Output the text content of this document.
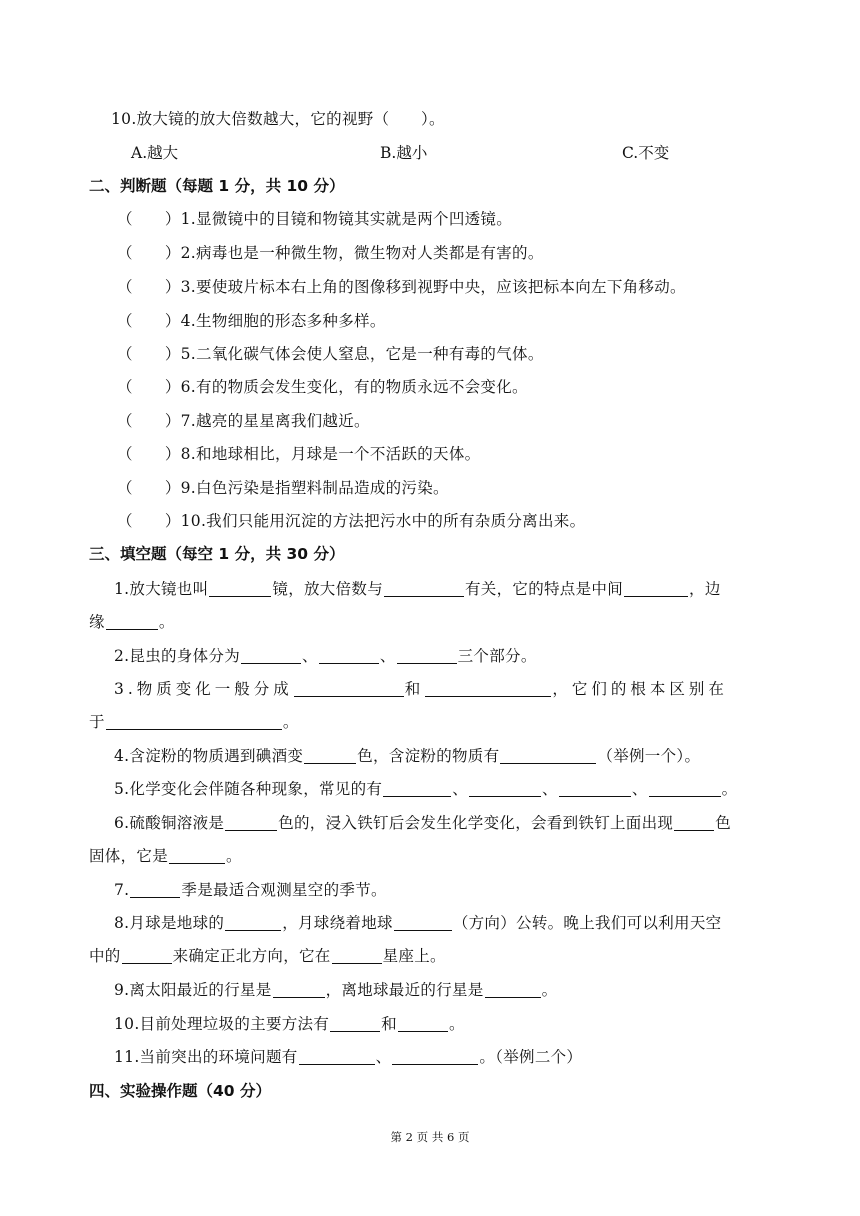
10.放大镜的放大倍数越大，它的视野（　　 ）。
A.越大	B.越小	C.不变
二、判断题（每题 1 分，共 10 分）
（ ）1.显微镜中的目镜和物镜其实就是两个凹透镜。
（ ）2.病毒也是一种微生物，微生物对人类都是有害的。
（ ）3.要使玻片标本右上角的图像移到视野中央，应该把标本向左下角移动。
（ ）4.生物细胞的形态多种多样。
（ ）5.二氧化碳气体会使人窒息，它是一种有毒的气体。
（ ）6.有的物质会发生变化，有的物质永远不会变化。
（ ）7.越亮的星星离我们越近。
（ ）8.和地球相比，月球是一个不活跃的天体。
（ ）9.白色污染是指塑料制品造成的污染。
（ ）10.我们只能用沉淀的方法把污水中的所有杂质分离出来。
三、填空题（每空 1 分，共 30 分）
1.放大镜也叫	镜，放大倍数与	有关，它的特点是中间	，边
缘	。
2.昆虫的身体分为	、	、	三个部分。
3.物质变化一般分成	和	，它们的根本区别在
于	。
4.含淀粉的物质遇到碘酒变	色，含淀粉的物质有	（举例一个）。
5.化学变化会伴随各种现象，常见的有	、	、	、	。
6.硫酸铜溶液是	色的，浸入铁钉后会发生化学变化，会看到铁钉上面出现	色
固体，它是	。
7.	季是最适合观测星空的季节。
8.月球是地球的	，月球绕着地球	（方向）公转。晚上我们可以利用天空
中的	来确定正北方向，它在	星座上。
9.离太阳最近的行星是	，离地球最近的行星是	。
10.目前处理垃圾的主要方法有	和	。
11.当前突出的环境问题有	、	。（举例二个）
四、实验操作题（40 分）
第 2 页 共 6 页
